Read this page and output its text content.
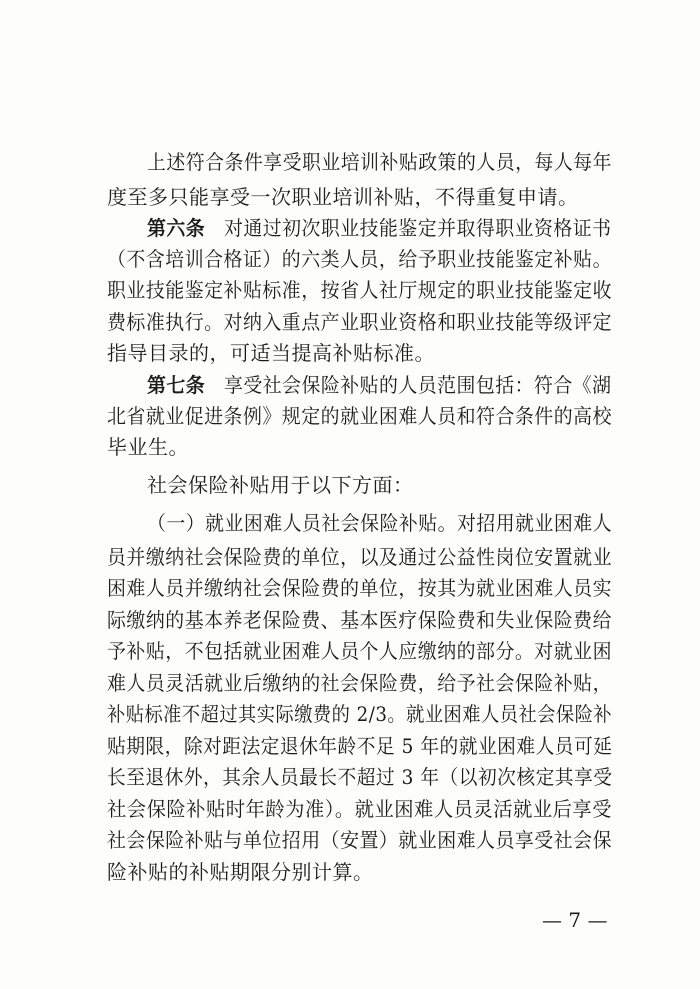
上述符合条件享受职业培训补贴政策的人员，每人每年
度至多只能享受一次职业培训补贴，不得重复申请。
第六条 对通过初次职业技能鉴定并取得职业资格证书
（不含培训合格证）的六类人员，给予职业技能鉴定补贴。
职业技能鉴定补贴标准，按省人社厅规定的职业技能鉴定收
费标准执行。对纳入重点产业职业资格和职业技能等级评定
指导目录的，可适当提高补贴标准。
第七条 享受社会保险补贴的人员范围包括：符合《湖
北省就业促进条例》规定的就业困难人员和符合条件的高校
毕业生。
社会保险补贴用于以下方面：
（一）就业困难人员社会保险补贴。对招用就业困难人
员并缴纳社会保险费的单位，以及通过公益性岗位安置就业
困难人员并缴纳社会保险费的单位，按其为就业困难人员实
际缴纳的基本养老保险费、基本医疗保险费和失业保险费给
予补贴，不包括就业困难人员个人应缴纳的部分。对就业困
难人员灵活就业后缴纳的社会保险费，给予社会保险补贴，
补贴标准不超过其实际缴费的 2/3。就业困难人员社会保险补
贴期限，除对距法定退休年龄不足 5 年的就业困难人员可延
长至退休外，其余人员最长不超过 3 年（以初次核定其享受
社会保险补贴时年龄为准）。就业困难人员灵活就业后享受
社会保险补贴与单位招用（安置）就业困难人员享受社会保
险补贴的补贴期限分别计算。
— 7 —
